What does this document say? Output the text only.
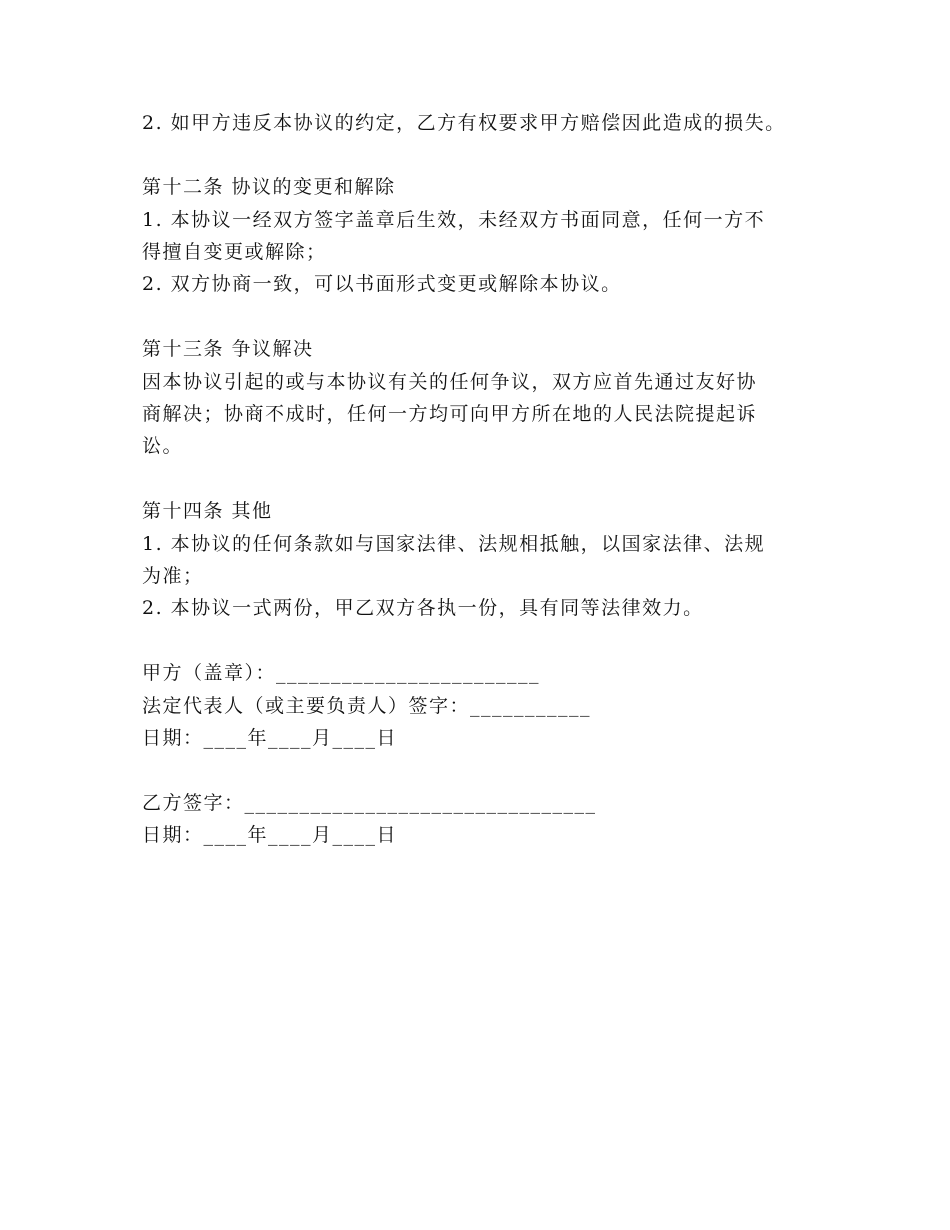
2. 如甲方违反本协议的约定，乙方有权要求甲方赔偿因此造成的损失。
第十二条 协议的变更和解除
1. 本协议一经双方签字盖章后生效，未经双方书面同意，任何一方不
得擅自变更或解除；
2. 双方协商一致，可以书面形式变更或解除本协议。
第十三条 争议解决
因本协议引起的或与本协议有关的任何争议，双方应首先通过友好协
商解决；协商不成时，任何一方均可向甲方所在地的人民法院提起诉
讼。
第十四条 其他
1. 本协议的任何条款如与国家法律、法规相抵触，以国家法律、法规
为准；
2. 本协议一式两份，甲乙双方各执一份，具有同等法律效力。
甲方（盖章）：________________________
法定代表人（或主要负责人）签字：___________
日期：____年____月____日
乙方签字：________________________________
日期：____年____月____日
